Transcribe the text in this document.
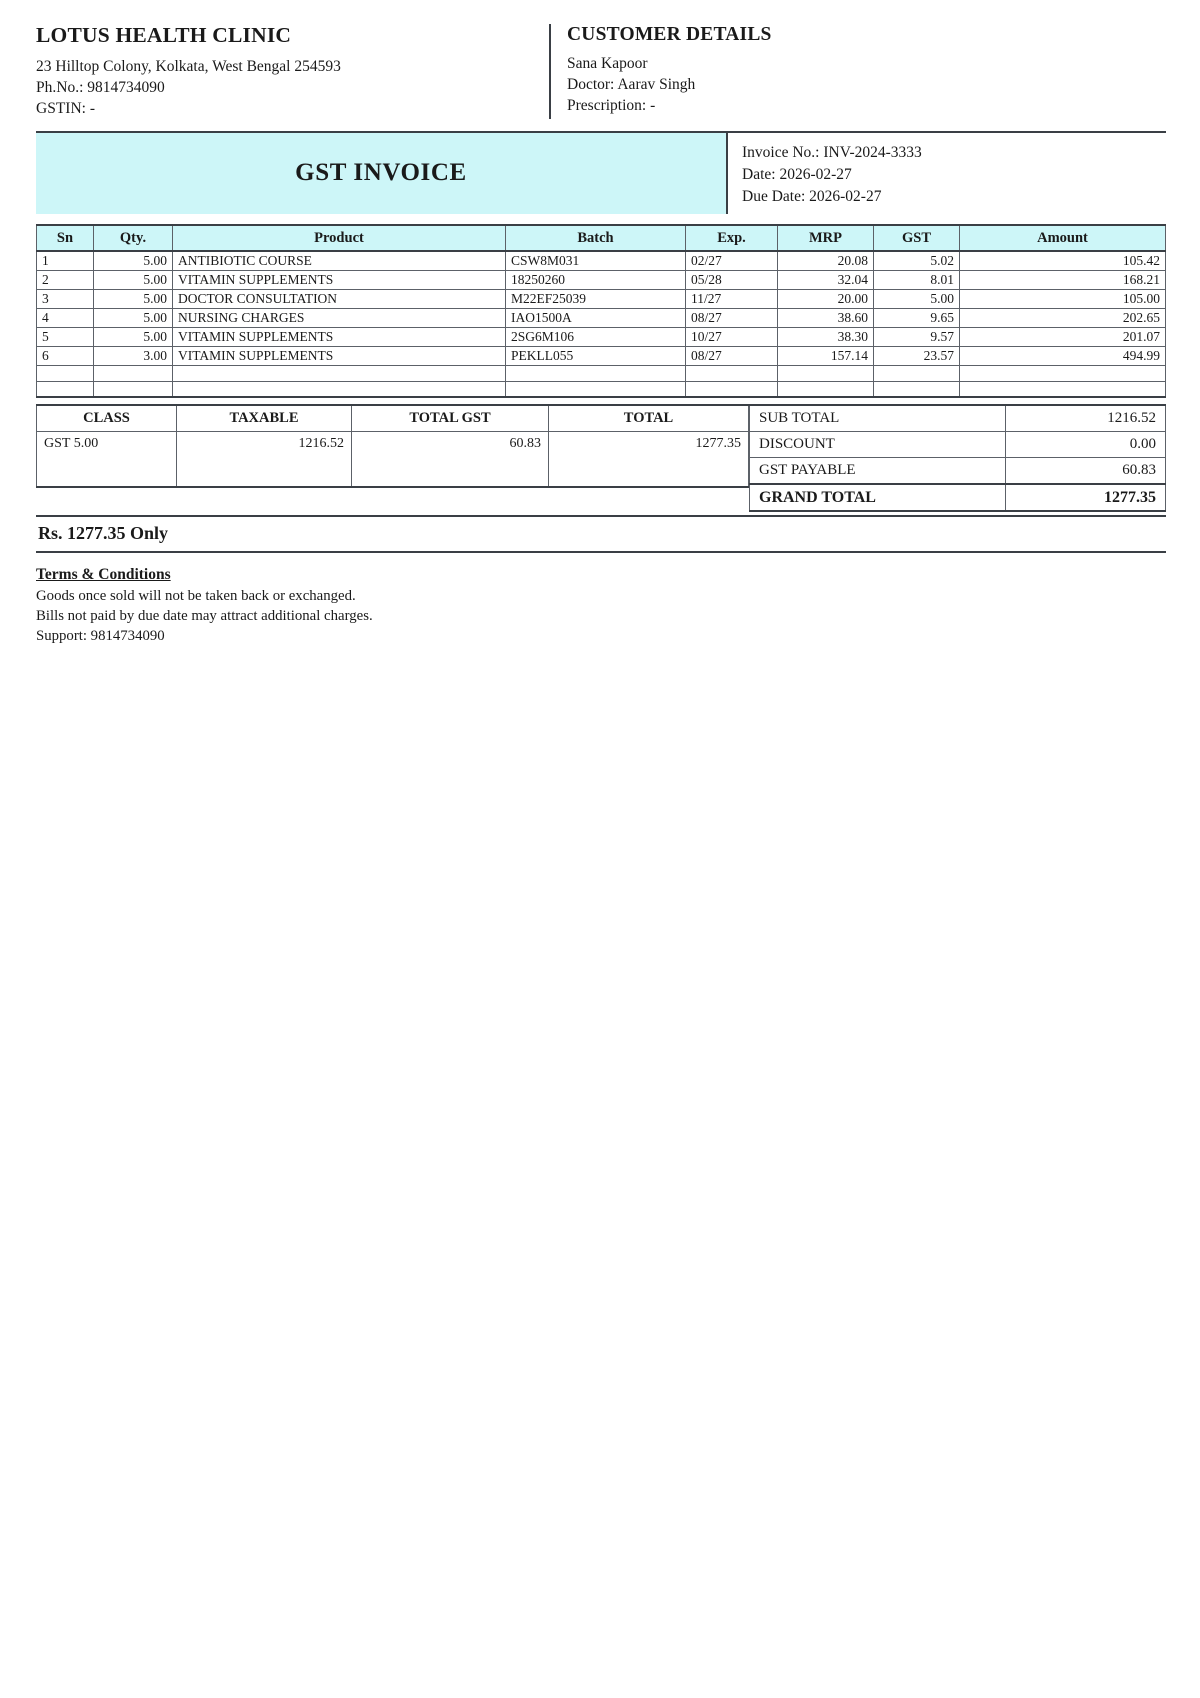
LOTUS HEALTH CLINIC
23 Hilltop Colony, Kolkata, West Bengal 254593
Ph.No.: 9814734090
GSTIN: -
CUSTOMER DETAILS
Sana Kapoor
Doctor: Aarav Singh
Prescription: -
GST INVOICE
Invoice No.: INV-2024-3333
Date: 2026-02-27
Due Date: 2026-02-27
Sn	Qty.	Product	Batch	Exp.	MRP	GST	Amount
1	5.00	ANTIBIOTIC COURSE	CSW8M031	02/27	20.08	5.02	105.42
2	5.00	VITAMIN SUPPLEMENTS	18250260	05/28	32.04	8.01	168.21
3	5.00	DOCTOR CONSULTATION	M22EF25039	11/27	20.00	5.00	105.00
4	5.00	NURSING CHARGES	IAO1500A	08/27	38.60	9.65	202.65
5	5.00	VITAMIN SUPPLEMENTS	2SG6M106	10/27	38.30	9.57	201.07
6	3.00	VITAMIN SUPPLEMENTS	PEKLL055	08/27	157.14	23.57	494.99

CLASS	TAXABLE	TOTAL GST	TOTAL
GST 5.00	1216.52	60.83	1277.35
SUB TOTAL	1216.52
DISCOUNT	0.00
GST PAYABLE	60.83
GRAND TOTAL	1277.35
Rs. 1277.35 Only
Terms & Conditions
Goods once sold will not be taken back or exchanged.
Bills not paid by due date may attract additional charges.
Support: 9814734090
